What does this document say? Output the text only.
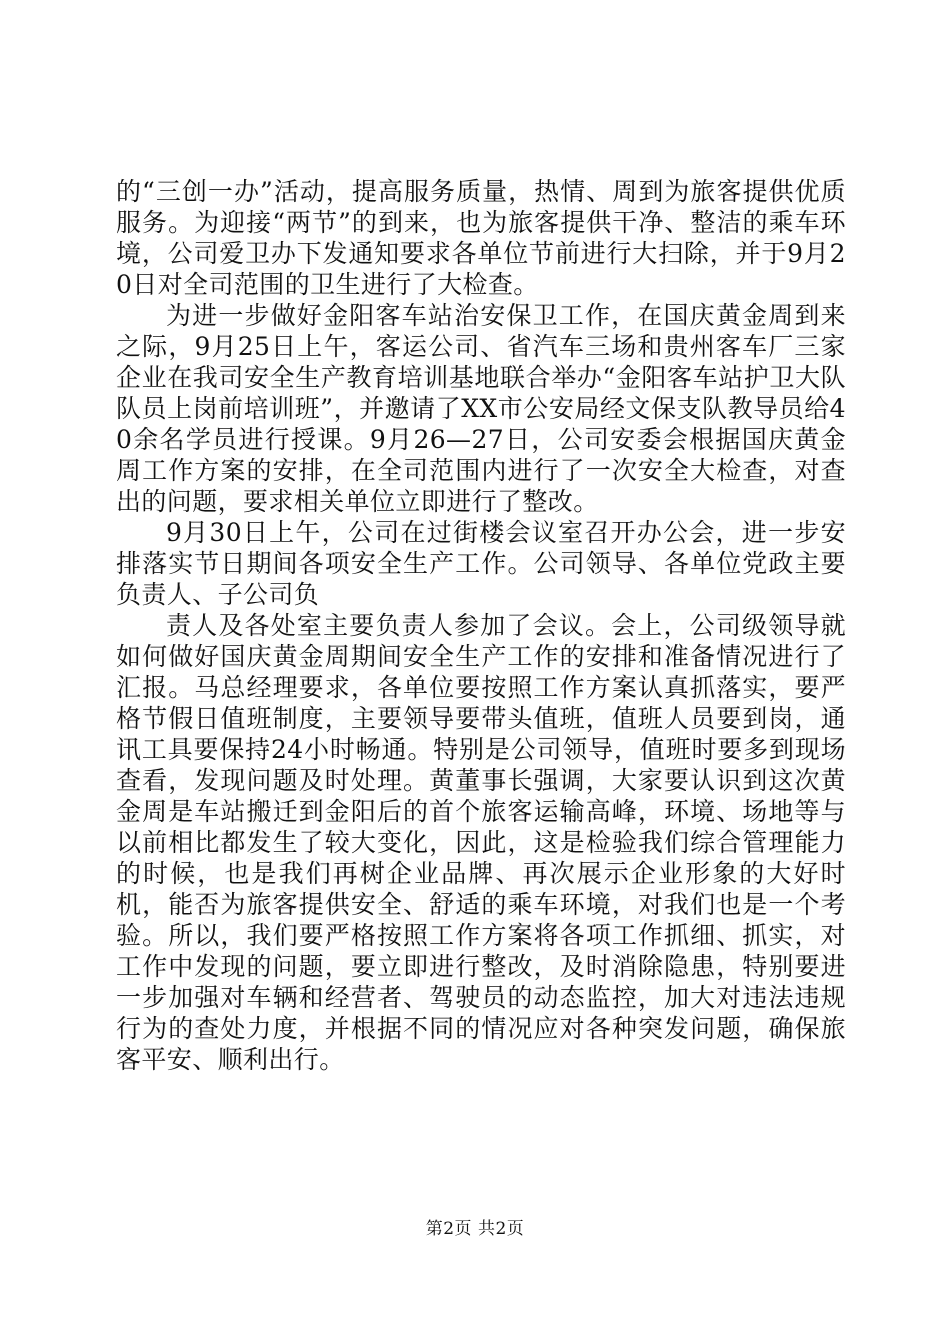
的“三创一办”活动，提高服务质量，热情、周到为旅客提供优质服务。为迎接“两节”的到来，也为旅客提供干净、整洁的乘车环境，公司爱卫办下发通知要求各单位节前进行大扫除，并于9月20日对全司范围的卫生进行了大检查。

为进一步做好金阳客车站治安保卫工作，在国庆黄金周到来之际，9月25日上午，客运公司、省汽车三场和贵州客车厂三家企业在我司安全生产教育培训基地联合举办“金阳客车站护卫大队队员上岗前培训班”，并邀请了XX市公安局经文保支队教导员给40余名学员进行授课。9月26—27日，公司安委会根据国庆黄金周工作方案的安排，在全司范围内进行了一次安全大检查，对查出的问题，要求相关单位立即进行了整改。

9月30日上午，公司在过街楼会议室召开办公会，进一步安排落实节日期间各项安全生产工作。公司领导、各单位党政主要负责人、子公司负

责人及各处室主要负责人参加了会议。会上，公司级领导就如何做好国庆黄金周期间安全生产工作的安排和准备情况进行了汇报。马总经理要求，各单位要按照工作方案认真抓落实，要严格节假日值班制度，主要领导要带头值班，值班人员要到岗，通讯工具要保持24小时畅通。特别是公司领导，值班时要多到现场查看，发现问题及时处理。黄董事长强调，大家要认识到这次黄金周是车站搬迁到金阳后的首个旅客运输高峰，环境、场地等与以前相比都发生了较大变化，因此，这是检验我们综合管理能力的时候，也是我们再树企业品牌、再次展示企业形象的大好时机，能否为旅客提供安全、舒适的乘车环境，对我们也是一个考验。所以，我们要严格按照工作方案将各项工作抓细、抓实，对工作中发现的问题，要立即进行整改，及时消除隐患，特别要进一步加强对车辆和经营者、驾驶员的动态监控，加大对违法违规行为的查处力度，并根据不同的情况应对各种突发问题，确保旅客平安、顺利出行。

第2页 共2页
